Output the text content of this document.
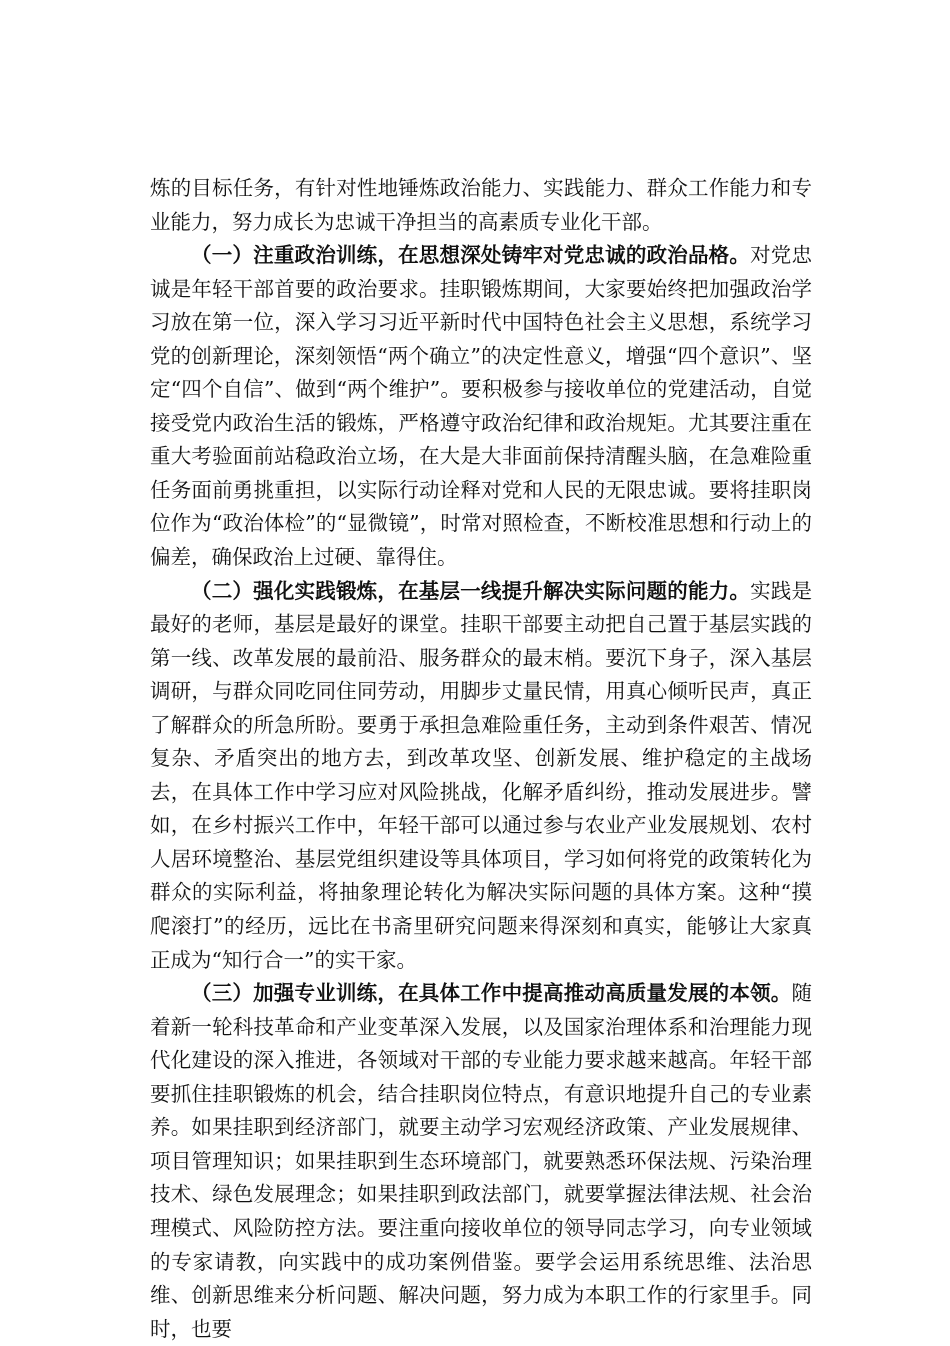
炼的目标任务，有针对性地锤炼政治能力、实践能力、群众工作能力和专业能力，努力成长为忠诚干净担当的高素质专业化干部。

（一）注重政治训练，在思想深处铸牢对党忠诚的政治品格。对党忠诚是年轻干部首要的政治要求。挂职锻炼期间，大家要始终把加强政治学习放在第一位，深入学习习近平新时代中国特色社会主义思想，系统学习党的创新理论，深刻领悟“两个确立”的决定性意义，增强“四个意识”、坚定“四个自信”、做到“两个维护”。要积极参与接收单位的党建活动，自觉接受党内政治生活的锻炼，严格遵守政治纪律和政治规矩。尤其要注重在重大考验面前站稳政治立场，在大是大非面前保持清醒头脑，在急难险重任务面前勇挑重担，以实际行动诠释对党和人民的无限忠诚。要将挂职岗位作为“政治体检”的“显微镜”，时常对照检查，不断校准思想和行动上的偏差，确保政治上过硬、靠得住。

（二）强化实践锻炼，在基层一线提升解决实际问题的能力。实践是最好的老师，基层是最好的课堂。挂职干部要主动把自己置于基层实践的第一线、改革发展的最前沿、服务群众的最末梢。要沉下身子，深入基层调研，与群众同吃同住同劳动，用脚步丈量民情，用真心倾听民声，真正了解群众的所急所盼。要勇于承担急难险重任务，主动到条件艰苦、情况复杂、矛盾突出的地方去，到改革攻坚、创新发展、维护稳定的主战场去，在具体工作中学习应对风险挑战，化解矛盾纠纷，推动发展进步。譬如，在乡村振兴工作中，年轻干部可以通过参与农业产业发展规划、农村人居环境整治、基层党组织建设等具体项目，学习如何将党的政策转化为群众的实际利益，将抽象理论转化为解决实际问题的具体方案。这种“摸爬滚打”的经历，远比在书斋里研究问题来得深刻和真实，能够让大家真正成为“知行合一”的实干家。

（三）加强专业训练，在具体工作中提高推动高质量发展的本领。随着新一轮科技革命和产业变革深入发展，以及国家治理体系和治理能力现代化建设的深入推进，各领域对干部的专业能力要求越来越高。年轻干部要抓住挂职锻炼的机会，结合挂职岗位特点，有意识地提升自己的专业素养。如果挂职到经济部门，就要主动学习宏观经济政策、产业发展规律、项目管理知识；如果挂职到生态环境部门，就要熟悉环保法规、污染治理技术、绿色发展理念；如果挂职到政法部门，就要掌握法律法规、社会治理模式、风险防控方法。要注重向接收单位的领导同志学习，向专业领域的专家请教，向实践中的成功案例借鉴。要学会运用系统思维、法治思维、创新思维来分析问题、解决问题，努力成为本职工作的行家里手。同时，也要
